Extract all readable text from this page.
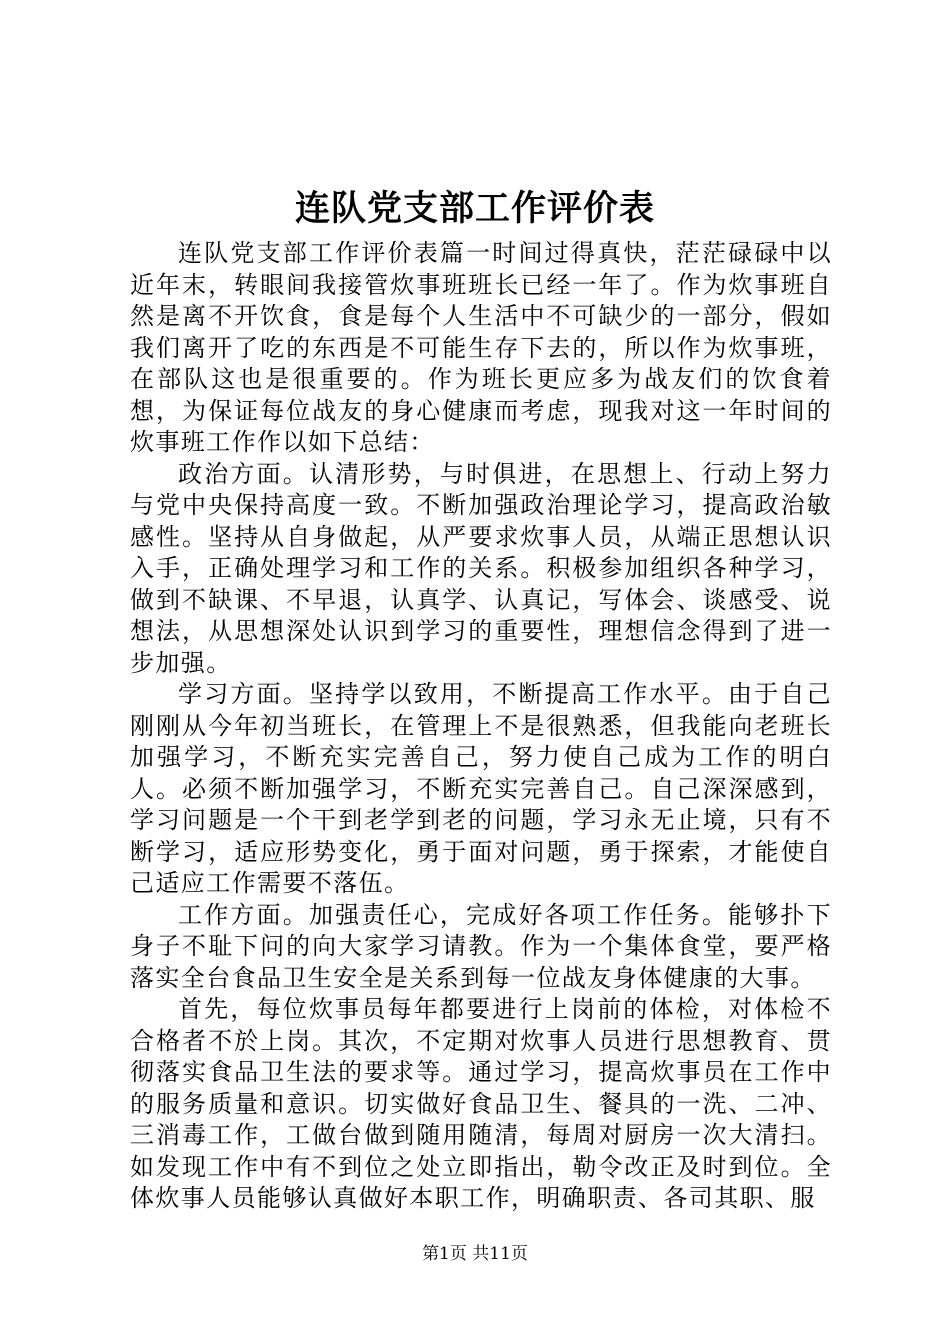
连队党支部工作评价表

连队党支部工作评价表篇一时间过得真快，茫茫碌碌中以近年末，转眼间我接管炊事班班长已经一年了。作为炊事班自然是离不开饮食，食是每个人生活中不可缺少的一部分，假如我们离开了吃的东西是不可能生存下去的，所以作为炊事班，在部队这也是很重要的。作为班长更应多为战友们的饮食着想，为保证每位战友的身心健康而考虑，现我对这一年时间的炊事班工作作以如下总结：

政治方面。认清形势，与时俱进，在思想上、行动上努力与党中央保持高度一致。不断加强政治理论学习，提高政治敏感性。坚持从自身做起，从严要求炊事人员，从端正思想认识入手，正确处理学习和工作的关系。积极参加组织各种学习，做到不缺课、不早退，认真学、认真记，写体会、谈感受、说想法，从思想深处认识到学习的重要性，理想信念得到了进一步加强。

学习方面。坚持学以致用，不断提高工作水平。由于自己刚刚从今年初当班长，在管理上不是很熟悉，但我能向老班长加强学习，不断充实完善自己，努力使自己成为工作的明白人。必须不断加强学习，不断充实完善自己。自己深深感到，学习问题是一个干到老学到老的问题，学习永无止境，只有不断学习，适应形势变化，勇于面对问题，勇于探索，才能使自己适应工作需要不落伍。

工作方面。加强责任心，完成好各项工作任务。能够扑下身子不耻下问的向大家学习请教。作为一个集体食堂，要严格落实全台食品卫生安全是关系到每一位战友身体健康的大事。

首先，每位炊事员每年都要进行上岗前的体检，对体检不合格者不於上岗。其次，不定期对炊事人员进行思想教育、贯彻落实食品卫生法的要求等。通过学习，提高炊事员在工作中的服务质量和意识。切实做好食品卫生、餐具的一洗、二冲、三消毒工作，工做台做到随用随清，每周对厨房一次大清扫。如发现工作中有不到位之处立即指出，勒令改正及时到位。全体炊事人员能够认真做好本职工作，明确职责、各司其职、服

第1页 共11页
